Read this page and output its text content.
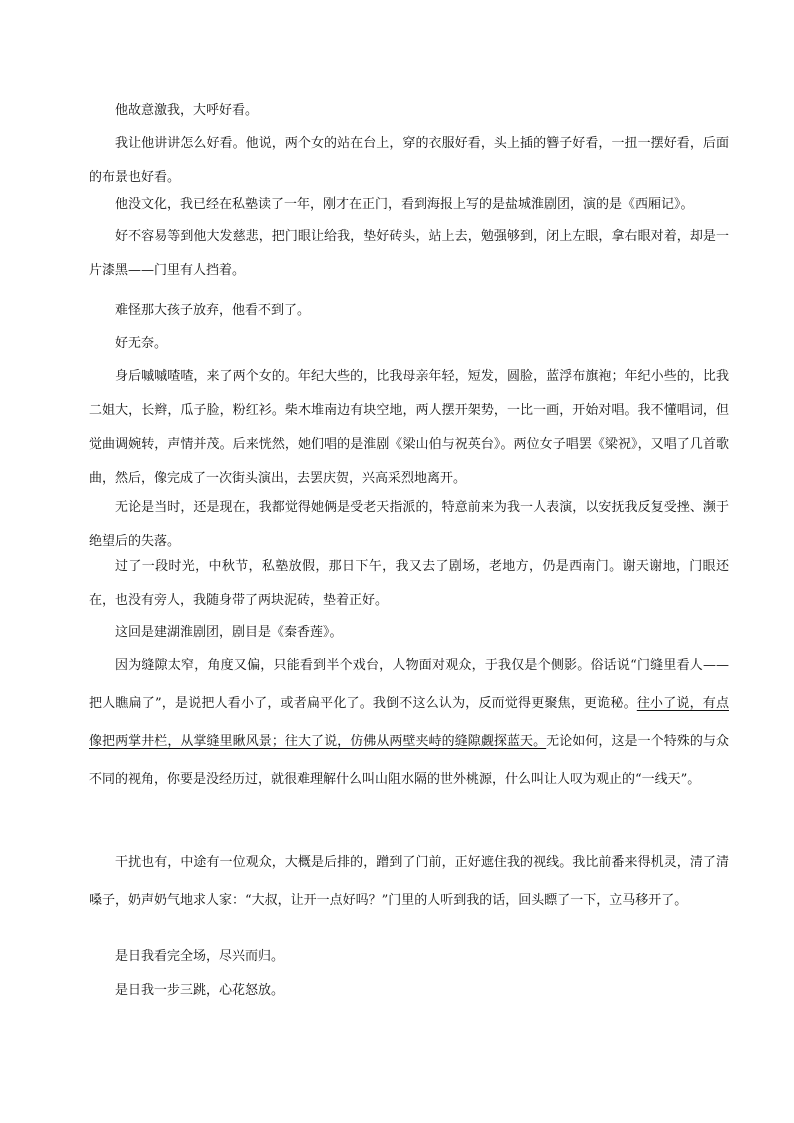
他故意激我，大呼好看。

我让他讲讲怎么好看。他说，两个女的站在台上，穿的衣服好看，头上插的簪子好看，一扭一摆好看，后面的布景也好看。

他没文化，我已经在私塾读了一年，刚才在正门，看到海报上写的是盐城淮剧团，演的是《西厢记》。

好不容易等到他大发慈悲，把门眼让给我，垫好砖头，站上去，勉强够到，闭上左眼，拿右眼对着，却是一片漆黑——门里有人挡着。

难怪那大孩子放弃，他看不到了。

好无奈。

身后嘁嘁喳喳，来了两个女的。年纪大些的，比我母亲年轻，短发，圆脸，蓝浮布旗袍；年纪小些的，比我二姐大，长辫，瓜子脸，粉红衫。柴木堆南边有块空地，两人摆开架势，一比一画，开始对唱。我不懂唱词，但觉曲调婉转，声情并茂。后来恍然，她们唱的是淮剧《梁山伯与祝英台》。两位女子唱罢《梁祝》，又唱了几首歌曲，然后，像完成了一次街头演出，去罢庆贺，兴高采烈地离开。

无论是当时，还是现在，我都觉得她俩是受老天指派的，特意前来为我一人表演，以安抚我反复受挫、濒于绝望后的失落。

过了一段时光，中秋节，私塾放假，那日下午，我又去了剧场，老地方，仍是西南门。谢天谢地，门眼还在，也没有旁人，我随身带了两块泥砖，垫着正好。

这回是建湖淮剧团，剧目是《秦香莲》。

因为缝隙太窄，角度又偏，只能看到半个戏台，人物面对观众，于我仅是个侧影。俗话说“门缝里看人——把人瞧扁了”，是说把人看小了，或者扁平化了。我倒不这么认为，反而觉得更聚焦，更诡秘。往小了说，有点像把两掌井栏，从掌缝里瞅风景；往大了说，仿佛从两壁夹峙的缝隙觑探蓝天。无论如何，这是一个特殊的与众不同的视角，你要是没经历过，就很难理解什么叫山阻水隔的世外桃源，什么叫让人叹为观止的“一线天”。

干扰也有，中途有一位观众，大概是后排的，蹭到了门前，正好遮住我的视线。我比前番来得机灵，清了清嗓子，奶声奶气地求人家：“大叔，让开一点好吗？”门里的人听到我的话，回头瞟了一下，立马移开了。

是日我看完全场，尽兴而归。

是日我一步三跳，心花怒放。
